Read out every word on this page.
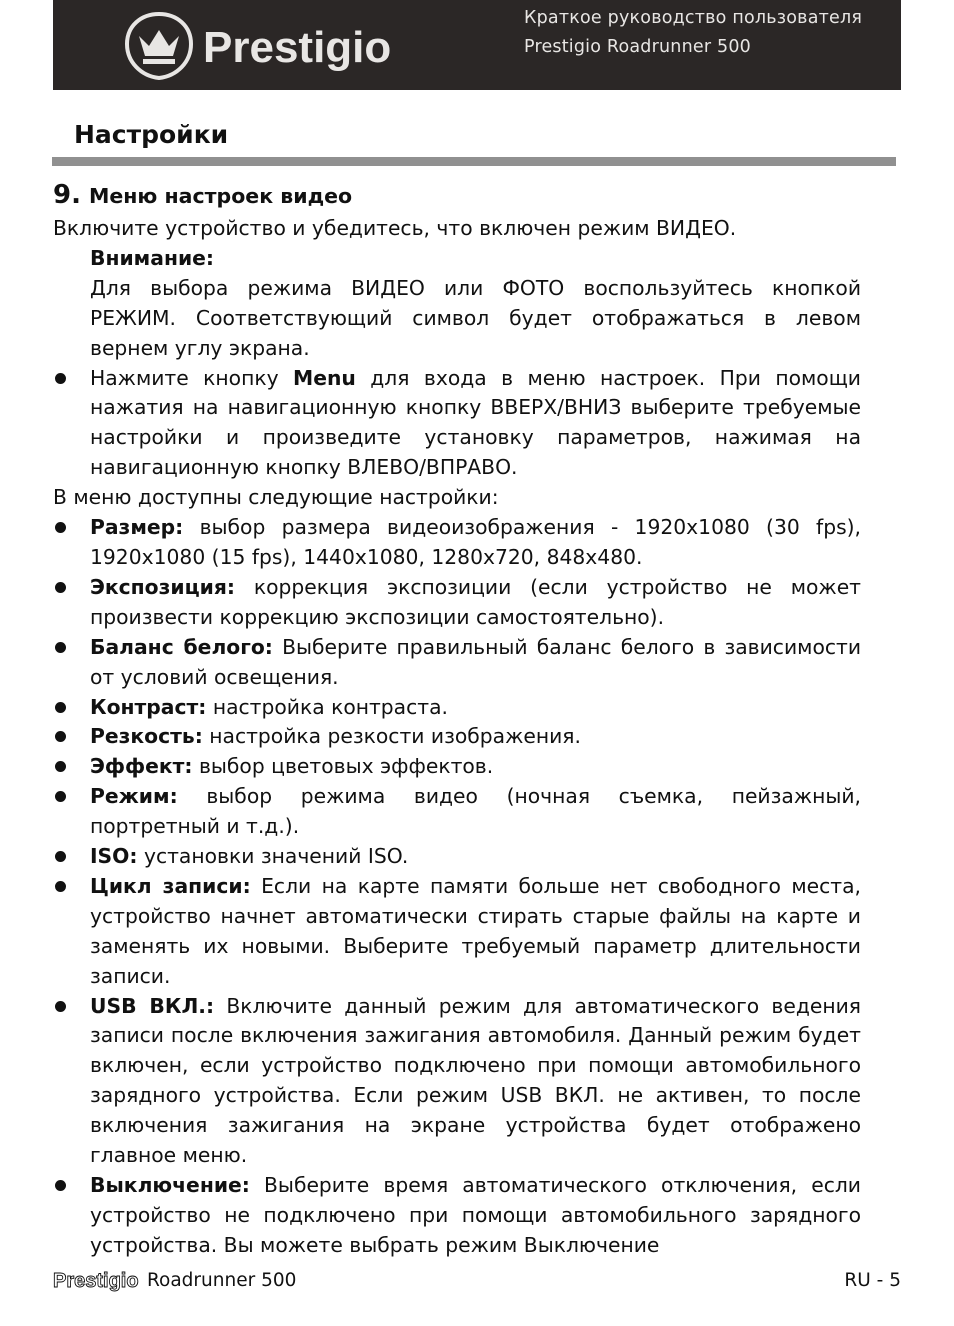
Prestigio
Краткое руководство пользователя
Prestigio Roadrunner 500
Настройки
9. Меню настроек видео

Включите устройство и убедитесь, что включен режим ВИДЕО.

Внимание:

Для выбора режима ВИДЕО или ФОТО воспользуйтесь кнопкой РЕЖИМ. Соответствующий символ будет отображаться в левом вернем углу экрана.

Нажмите кнопку Menu для входа в меню настроек. При помощи нажатия на навигационную кнопку ВВЕРХ/ВНИЗ выберите требуемые настройки и произведите установку параметров, нажимая на навигационную кнопку ВЛЕВО/ВПРАВО.

В меню доступны следующие настройки:

Размер: выбор размера видеоизображения - 1920x1080 (30 fps), 1920x1080 (15 fps), 1440x1080, 1280x720, 848x480.
Экспозиция: коррекция экспозиции (если устройство не может произвести коррекцию экспозиции самостоятельно).
Баланс белого: Выберите правильный баланс белого в зависимости от условий освещения.
Контраст: настройка контраста.
Резкость: настройка резкости изображения.
Эффект: выбор цветовых эффектов.
Режим: выбор режима видео (ночная съемка, пейзажный, портретный и т.д.).
ISO: установки значений ISO.
Цикл записи: Если на карте памяти больше нет свободного места, устройство начнет автоматически стирать старые файлы на карте и заменять их новыми. Выберите требуемый параметр длительности записи.
USB ВКЛ.: Включите данный режим для автоматического ведения записи после включения зажигания автомобиля. Данный режим будет включен, если устройство подключено при помощи автомобильного зарядного устройства. Если режим USB ВКЛ. не активен, то после включения зажигания на экране устройства будет отображено главное меню.
Выключение: Выберите время автоматического отключения, если устройство не подключено при помощи автомобильного зарядного устройства. Вы можете выбрать режим Выключение
Prestigio Roadrunner 500	RU - 5
